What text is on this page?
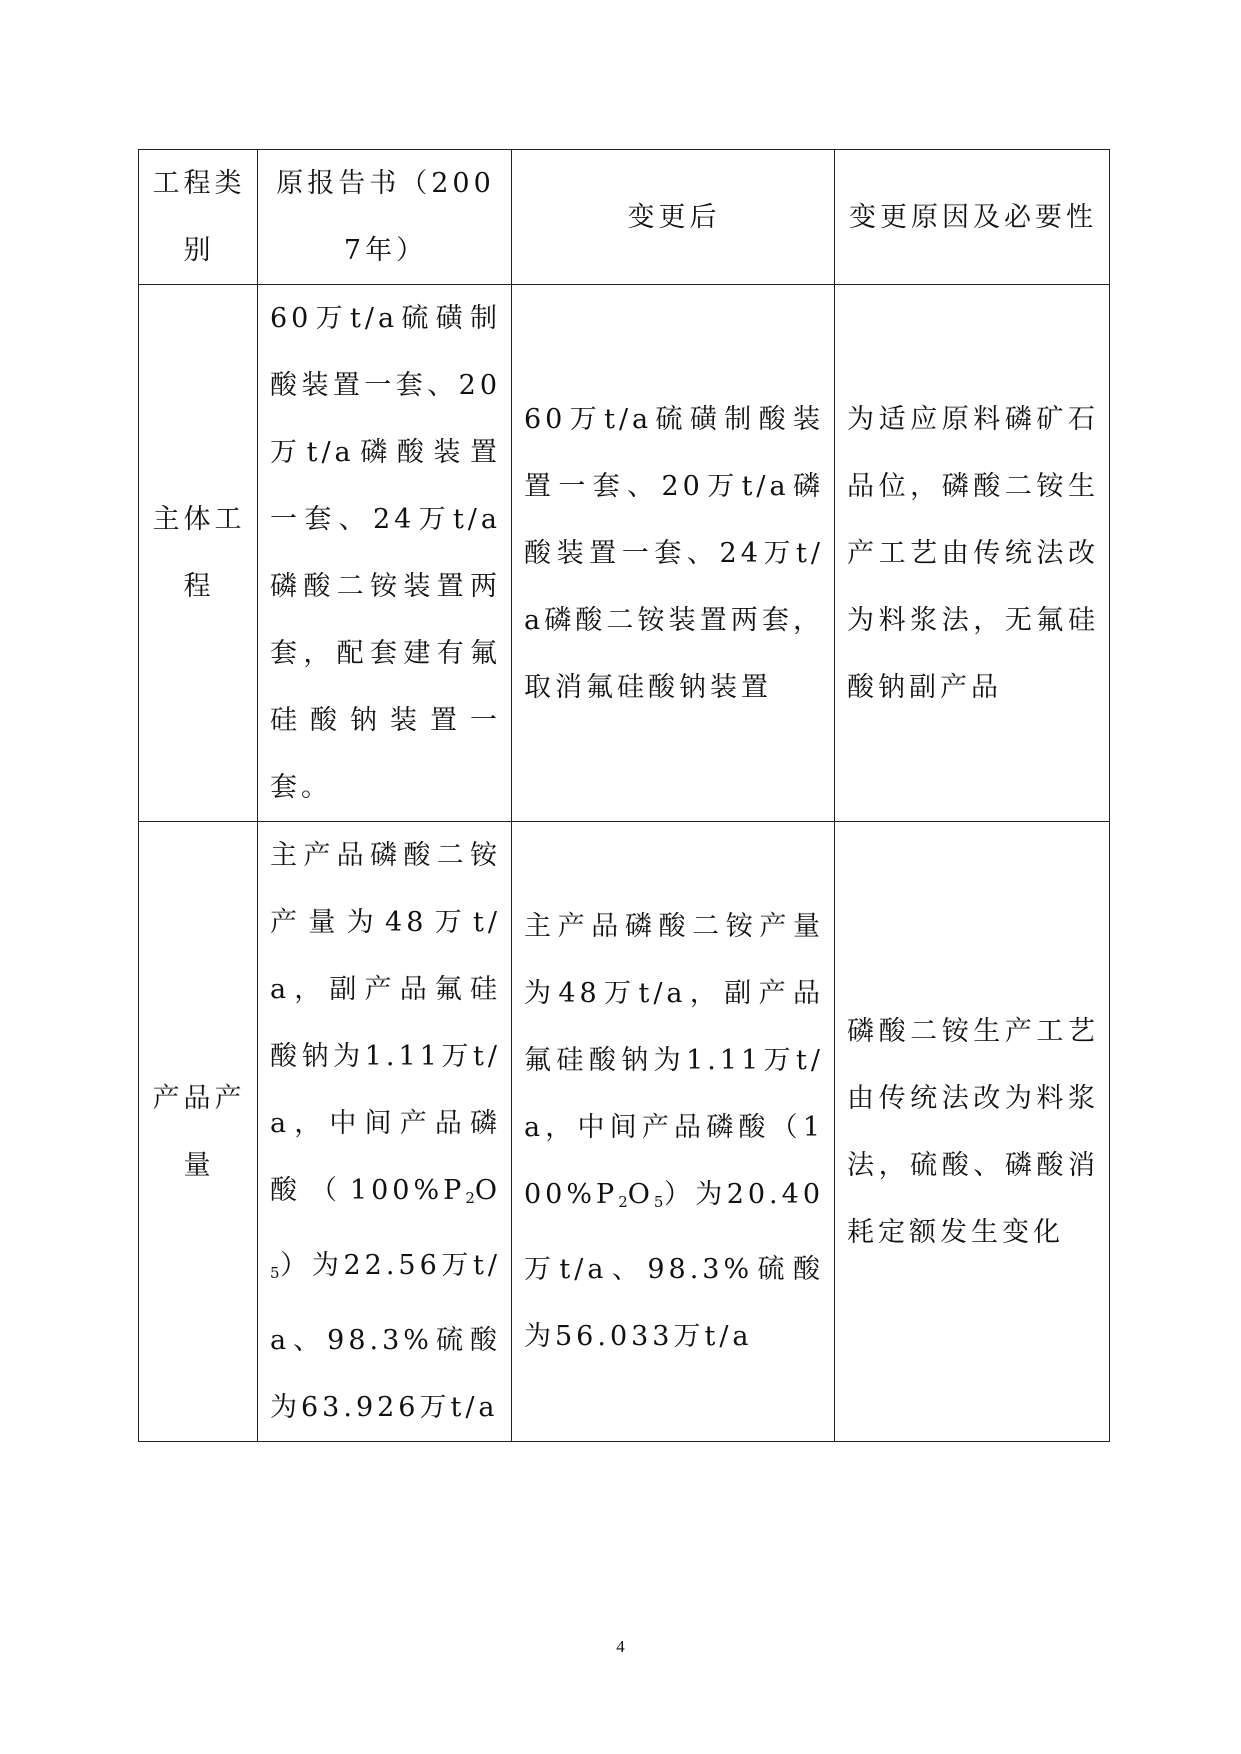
工程类别	原报告书（2007年）	变更后	变更原因及必要性

主体工程	60万t/a硫磺制酸装置一套、20万t/a磷酸装置一套、24万t/a磷酸二铵装置两套，配套建有氟硅酸钠装置一套。	60万t/a硫磺制酸装置一套、20万t/a磷酸装置一套、24万t/a磷酸二铵装置两套，取消氟硅酸钠装置	为适应原料磷矿石品位，磷酸二铵生产工艺由传统法改为料浆法，无氟硅酸钠副产品

产品产量	主产品磷酸二铵产量为48万t/a，副产品氟硅酸钠为1.11万t/a，中间产品磷酸$(100\%P_2O_5)$为22.56万t/a、98.3%硫酸为63.926万t/a	主产品磷酸二铵产量为48万t/a，副产品氟硅酸钠为1.11万t/a，中间产品磷酸$(100\%P_2O_5)$为20.40万t/a、98.3%硫酸为56.033万t/a	磷酸二铵生产工艺由传统法改为料浆法，硫酸、磷酸消耗定额发生变化
4
